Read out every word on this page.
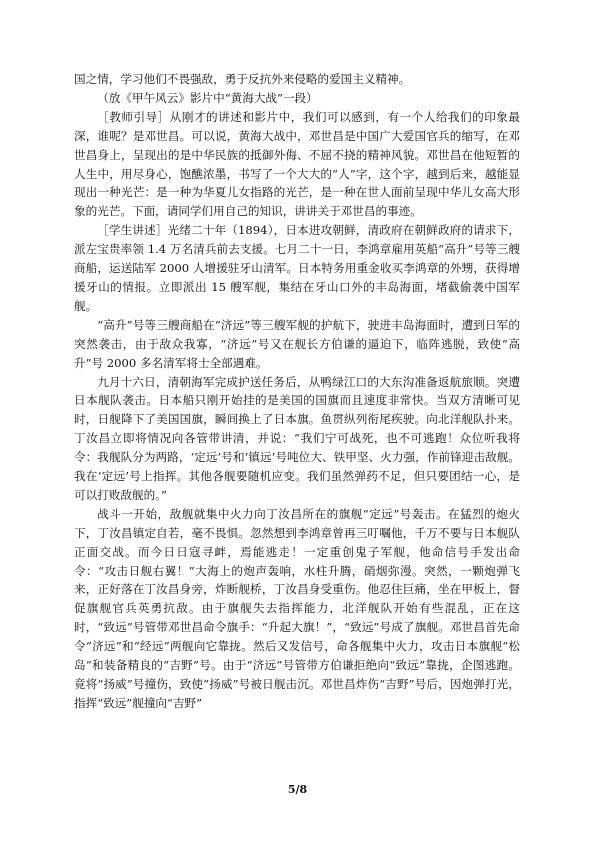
国之情，学习他们不畏强敌，勇于反抗外来侵略的爱国主义精神。

（放《甲午风云》影片中“黄海大战”一段）

［教师引导］从刚才的讲述和影片中，我们可以感到，有一个人给我们的印象最深，谁呢？是邓世昌。可以说，黄海大战中，邓世昌是中国广大爱国官兵的缩写，在邓世昌身上，呈现出的是中华民族的抵御外侮、不屈不挠的精神风貌。邓世昌在他短暂的人生中，用尽身心，饱醮浓墨，书写了一个大大的“人”字，这个字，越到后来，越能显现出一种光芒：是一种为华夏儿女指路的光芒，是一种在世人面前呈现中华儿女高大形象的光芒。下面，请同学们用自己的知识，讲讲关于邓世昌的事迹。

［学生讲述］光绪二十年（1894），日本进攻朝鲜，清政府在朝鲜政府的请求下，派左宝贵率领 1.4 万名清兵前去支援。七月二十一日，李鸿章雇用英船“高升”号等三艘商船，运送陆军 2000 人增援驻牙山清军。日本特务用重金收买李鸿章的外甥，获得增援牙山的情报。立即派出 15 艘军舰，集结在牙山口外的丰岛海面，堵截偷袭中国军舰。

“高升”号等三艘商船在“济远”等三艘军舰的护航下，驶进丰岛海面时，遭到日军的突然袭击，由于敌众我寡，“济远”号又在舰长方伯谦的逼迫下，临阵逃脱，致使“高升”号 2000 多名清军将士全部遇难。

九月十六日，清朝海军完成护送任务后，从鸭绿江口的大东沟准备返航旅顺。突遭日本舰队袭击。日本船只刚开始挂的是美国的国旗而且速度非常快。当双方清晰可见时，日舰降下了美国国旗，瞬间换上了日本旗。鱼贯纵列衔尾疾驶。向北洋舰队扑来。丁汝昌立即将情况向各管带讲清，并说：“我们宁可战死，也不可逃跑！众位听我将令：我舰队分为两路，‘定远’号和‘镇远’号吨位大、铁甲坚、火力强，作前锋迎击敌舰。我在‘定远’号上指挥。其他各舰要随机应变。我们虽然弹药不足，但只要团结一心，是可以打败敌舰的。”

战斗一开始，敌舰就集中火力向丁汝昌所在的旗舰“定远”号轰击。在猛烈的炮火下，丁汝昌镇定自若，毫不畏惧。忽然想到李鸿章曾再三叮嘱他，千万不要与日本舰队正面交战。而今日日寇寻衅，焉能逃走！一定重创鬼子军舰，他命信号手发出命令：“攻击日舰右翼！”大海上的炮声轰响，水柱升腾，硝烟弥漫。突然，一颗炮弹飞来，正好落在丁汝昌身旁，炸断舰桥，丁汝昌身受重伤。他忍住巨痛，坐在甲板上，督促旗舰官兵英勇抗敌。由于旗舰失去指挥能力，北洋舰队开始有些混乱，正在这时，“致远”号管带邓世昌命令旗手：“升起大旗！”，“致远”号成了旗舰。邓世昌首先命令“济远”和“经远”两舰向它靠拢。然后又发信号，命各舰集中火力，攻击日本旗舰“松岛”和装备精良的“吉野”号。由于“济远”号管带方伯谦拒绝向“致远”靠拢，企图逃跑。竟将“扬威”号撞伤，致使“扬威”号被日舰击沉。邓世昌炸伤“吉野”号后，因炮弹打光，指挥“致远”舰撞向“吉野”

5/8
